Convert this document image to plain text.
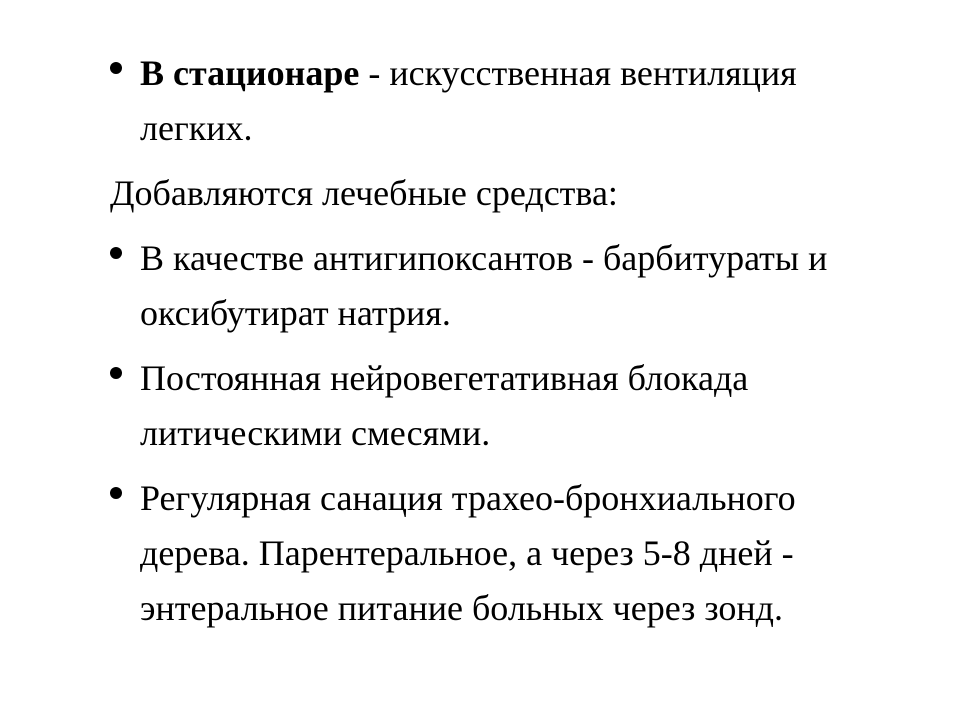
В стационаре - искусственная вентиляция легких.
Добавляются лечебные средства:
В качестве антигипоксантов - барбитураты и оксибутират натрия.
Постоянная нейровегетативная блокада литическими смесями.
Регулярная санация трахео-бронхиального дерева. Парентеральное, а через 5-8 дней - энтеральное питание больных через зонд.
